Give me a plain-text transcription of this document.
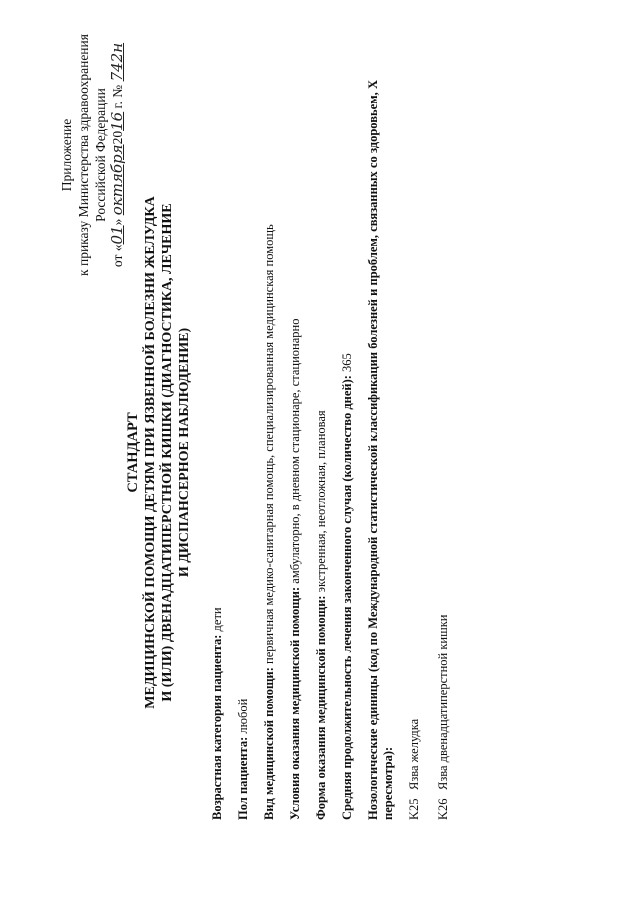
Приложение к приказу Министерства здравоохранения Российской Федерации
от «01» октября2016 г. № 742н
СТАНДАРТ МЕДИЦИНСКОЙ ПОМОЩИ ДЕТЯМ ПРИ ЯЗВЕННОЙ БОЛЕЗНИ ЖЕЛУДКА И (ИЛИ) ДВЕНАДЦАТИПЕРСТНОЙ КИШКИ (ДИАГНОСТИКА, ЛЕЧЕНИЕ И ДИСПАНСЕРНОЕ НАБЛЮДЕНИЕ)
Возрастная категория пациента: дети
Пол пациента: любой Вид медицинской помощи: первичная медико-санитарная помощь, специализированная медицинская помощь
Условия оказания медицинской помощи: амбулаторно, в дневном стационаре, стационарно
Форма оказания медицинской помощи: экстренная, неотложная, плановая Средняя продолжительность лечения законченного случая (количество дней): 365 Нозологические единицы (код по Международной статистической классификации болезней и проблем, связанных со здоровьем, X пересмотра): K25
Язва желудка
K26
Язва двенадцатиперстной кишки
